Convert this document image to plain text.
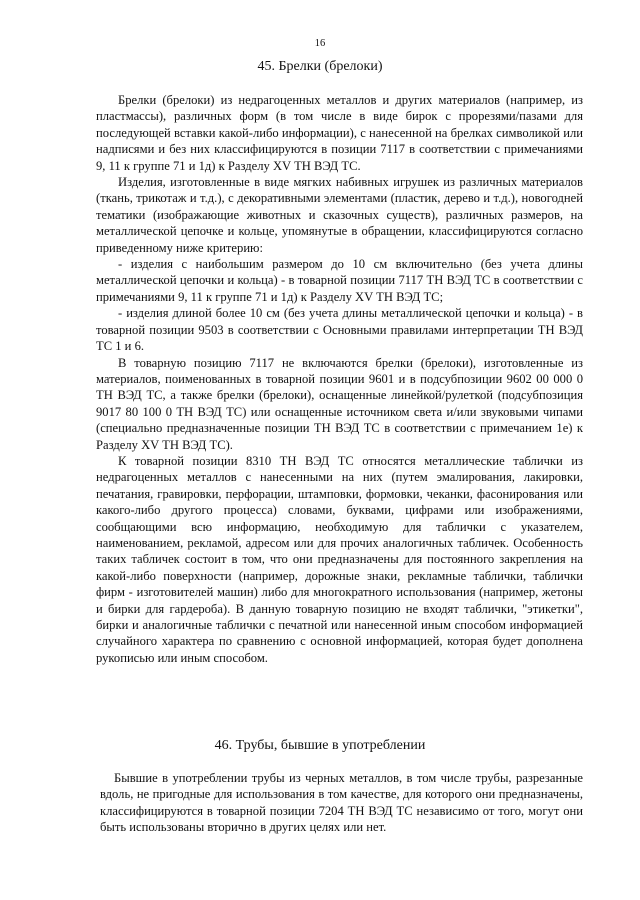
16
45. Брелки (брелоки)

Брелки (брелоки) из недрагоценных металлов и других материалов (например, из пластмассы), различных форм (в том числе в виде бирок с прорезями/пазами для последующей вставки какой-либо информации), с нанесенной на брелках символикой или надписями и без них классифицируются в позиции 7117 в соответствии с примечаниями 9, 11 к группе 71 и 1д) к Разделу XV ТН ВЭД ТС.

Изделия, изготовленные в виде мягких набивных игрушек из различных материалов (ткань, трикотаж и т.д.), с декоративными элементами (пластик, дерево и т.д.), новогодней тематики (изображающие животных и сказочных существ), различных размеров, на металлической цепочке и кольце, упомянутые в обращении, классифицируются согласно приведенному ниже критерию:

- изделия с наибольшим размером до 10 см включительно (без учета длины металлической цепочки и кольца) - в товарной позиции 7117 ТН ВЭД ТС в соответствии с примечаниями 9, 11 к группе 71 и 1д) к Разделу XV ТН ВЭД ТС;

- изделия длиной более 10 см (без учета длины металлической цепочки и кольца) - в товарной позиции 9503 в соответствии с Основными правилами интерпретации ТН ВЭД ТС 1 и 6.

В товарную позицию 7117 не включаются брелки (брелоки), изготовленные из материалов, поименованных в товарной позиции 9601 и в подсубпозиции 9602 00 000 0 ТН ВЭД ТС, а также брелки (брелоки), оснащенные линейкой/рулеткой (подсубпозиция 9017 80 100 0 ТН ВЭД ТС) или оснащенные источником света и/или звуковыми чипами (специально предназначенные позиции ТН ВЭД ТС в соответствии с примечанием 1е) к Разделу XV ТН ВЭД ТС).

К товарной позиции 8310 ТН ВЭД ТС относятся металлические таблички из недрагоценных металлов с нанесенными на них (путем эмалирования, лакировки, печатания, гравировки, перфорации, штамповки, формовки, чеканки, фасонирования или какого-либо другого процесса) словами, буквами, цифрами или изображениями, сообщающими всю информацию, необходимую для таблички с указателем, наименованием, рекламой, адресом или для прочих аналогичных табличек. Особенность таких табличек состоит в том, что они предназначены для постоянного закрепления на какой-либо поверхности (например, дорожные знаки, рекламные таблички, таблички фирм - изготовителей машин) либо для многократного использования (например, жетоны и бирки для гардероба). В данную товарную позицию не входят таблички, "этикетки", бирки и аналогичные таблички с печатной или нанесенной иным способом информацией случайного характера по сравнению с основной информацией, которая будет дополнена рукописью или иным способом.

46. Трубы, бывшие в употреблении

Бывшие в употреблении трубы из черных металлов, в том числе трубы, разрезанные вдоль, не пригодные для использования в том качестве, для которого они предназначены, классифицируются в товарной позиции 7204 ТН ВЭД ТС независимо от того, могут они быть использованы вторично в других целях или нет.
